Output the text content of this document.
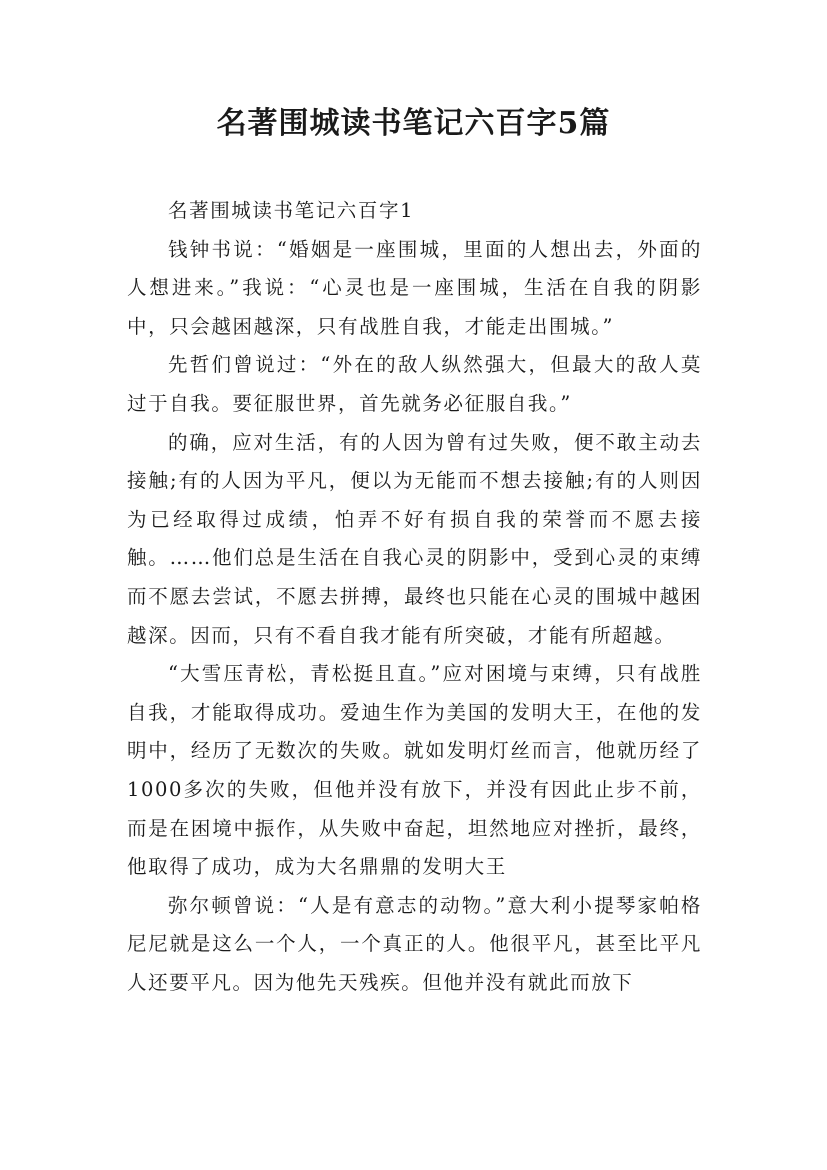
名著围城读书笔记六百字5篇

名著围城读书笔记六百字1

钱钟书说：“婚姻是一座围城，里面的人想出去，外面的人想进来。”我说：“心灵也是一座围城，生活在自我的阴影中，只会越困越深，只有战胜自我，才能走出围城。”

先哲们曾说过：“外在的敌人纵然强大，但最大的敌人莫过于自我。要征服世界，首先就务必征服自我。”

的确，应对生活，有的人因为曾有过失败，便不敢主动去接触;有的人因为平凡，便以为无能而不想去接触;有的人则因为已经取得过成绩，怕弄不好有损自我的荣誉而不愿去接触。……他们总是生活在自我心灵的阴影中，受到心灵的束缚而不愿去尝试，不愿去拼搏，最终也只能在心灵的围城中越困越深。因而，只有不看自我才能有所突破，才能有所超越。

“大雪压青松，青松挺且直。”应对困境与束缚，只有战胜自我，才能取得成功。爱迪生作为美国的发明大王，在他的发明中，经历了无数次的失败。就如发明灯丝而言，他就历经了1000多次的失败，但他并没有放下，并没有因此止步不前，而是在困境中振作，从失败中奋起，坦然地应对挫折，最终，他取得了成功，成为大名鼎鼎的发明大王

弥尔顿曾说：“人是有意志的动物。”意大利小提琴家帕格尼尼就是这么一个人，一个真正的人。他很平凡，甚至比平凡人还要平凡。因为他先天残疾。但他并没有就此而放下
